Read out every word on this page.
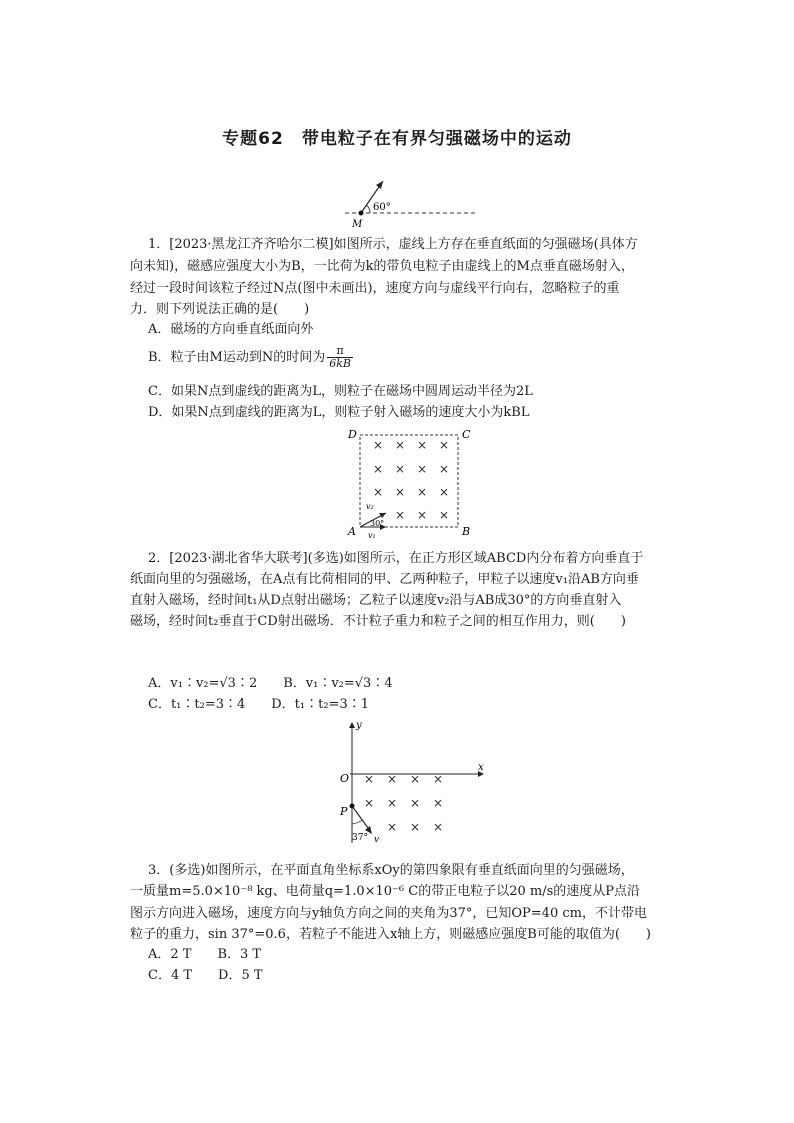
专题62　带电粒子在有界匀强磁场中的运动
60°
M
1．[2023·黑龙江齐齐哈尔二模]如图所示，虚线上方存在垂直纸面的匀强磁场(具体方
向未知)，磁感应强度大小为B，一比荷为k的带负电粒子由虚线上的M点垂直磁场射入，
经过一段时间该粒子经过N点(图中未画出)，速度方向与虚线平行向右，忽略粒子的重
力．则下列说法正确的是(　　)
A．磁场的方向垂直纸面向外
B．粒子由M运动到N的时间为 $\frac{\pi}{6kB}$
C．如果N点到虚线的距离为L，则粒子在磁场中圆周运动半径为2L
D．如果N点到虚线的距离为L，则粒子射入磁场的速度大小为kBL
× × × ×
× × × ×
× × × ×
× × ×
30°
v₂
v₁
D	C
A	B
2．[2023·湖北省华大联考](多选)如图所示，在正方形区域ABCD内分布着方向垂直于
纸面向里的匀强磁场，在A点有比荷相同的甲、乙两种粒子，甲粒子以速度v₁沿AB方向垂
直射入磁场，经时间t₁从D点射出磁场；乙粒子以速度v₂沿与AB成30°的方向垂直射入
磁场，经时间t₂垂直于CD射出磁场．不计粒子重力和粒子之间的相互作用力，则(　　)
A．v₁∶v₂=√3∶2　　B．v₁∶v₂=√3∶4
C．t₁∶t₂=3∶4　　D．t₁∶t₂=3∶1
x
y
O × × × ×
× × × ×
× × ×
P
37° v
3．(多选)如图所示，在平面直角坐标系xOy的第四象限有垂直纸面向里的匀强磁场，
一质量m=5.0×10⁻⁸ kg、电荷量q=1.0×10⁻⁶ C的带正电粒子以20 m/s的速度从P点沿
图示方向进入磁场，速度方向与y轴负方向之间的夹角为37°，已知OP=40 cm，不计带电
粒子的重力，sin 37°=0.6，若粒子不能进入x轴上方，则磁感应强度B可能的取值为(　　)
A．2 T　　B．3 T
C．4 T　　D．5 T
